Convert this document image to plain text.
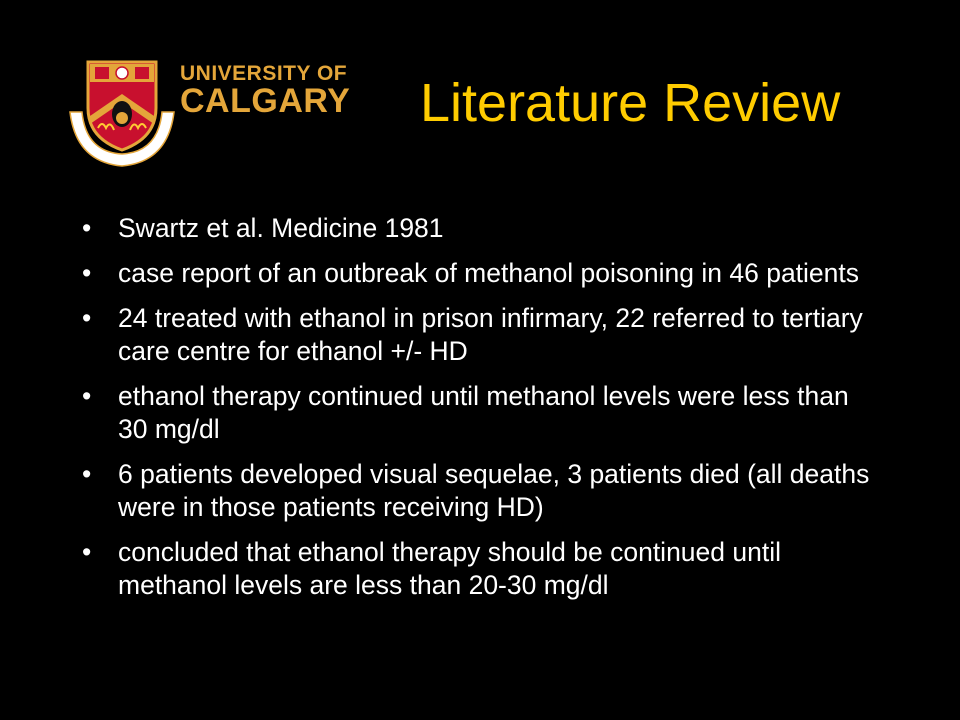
UNIVERSITY OF
CALGARY Literature Review
• Swartz et al. Medicine 1981
• case report of an outbreak of methanol poisoning in 46 patients
• 24 treated with ethanol in prison infirmary, 22 referred to tertiary care centre for ethanol +/- HD
• ethanol therapy continued until methanol levels were less than 30 mg/dl
• 6 patients developed visual sequelae, 3 patients died (all deaths were in those patients receiving HD)
• concluded that ethanol therapy should be continued until methanol levels are less than 20-30 mg/dl
